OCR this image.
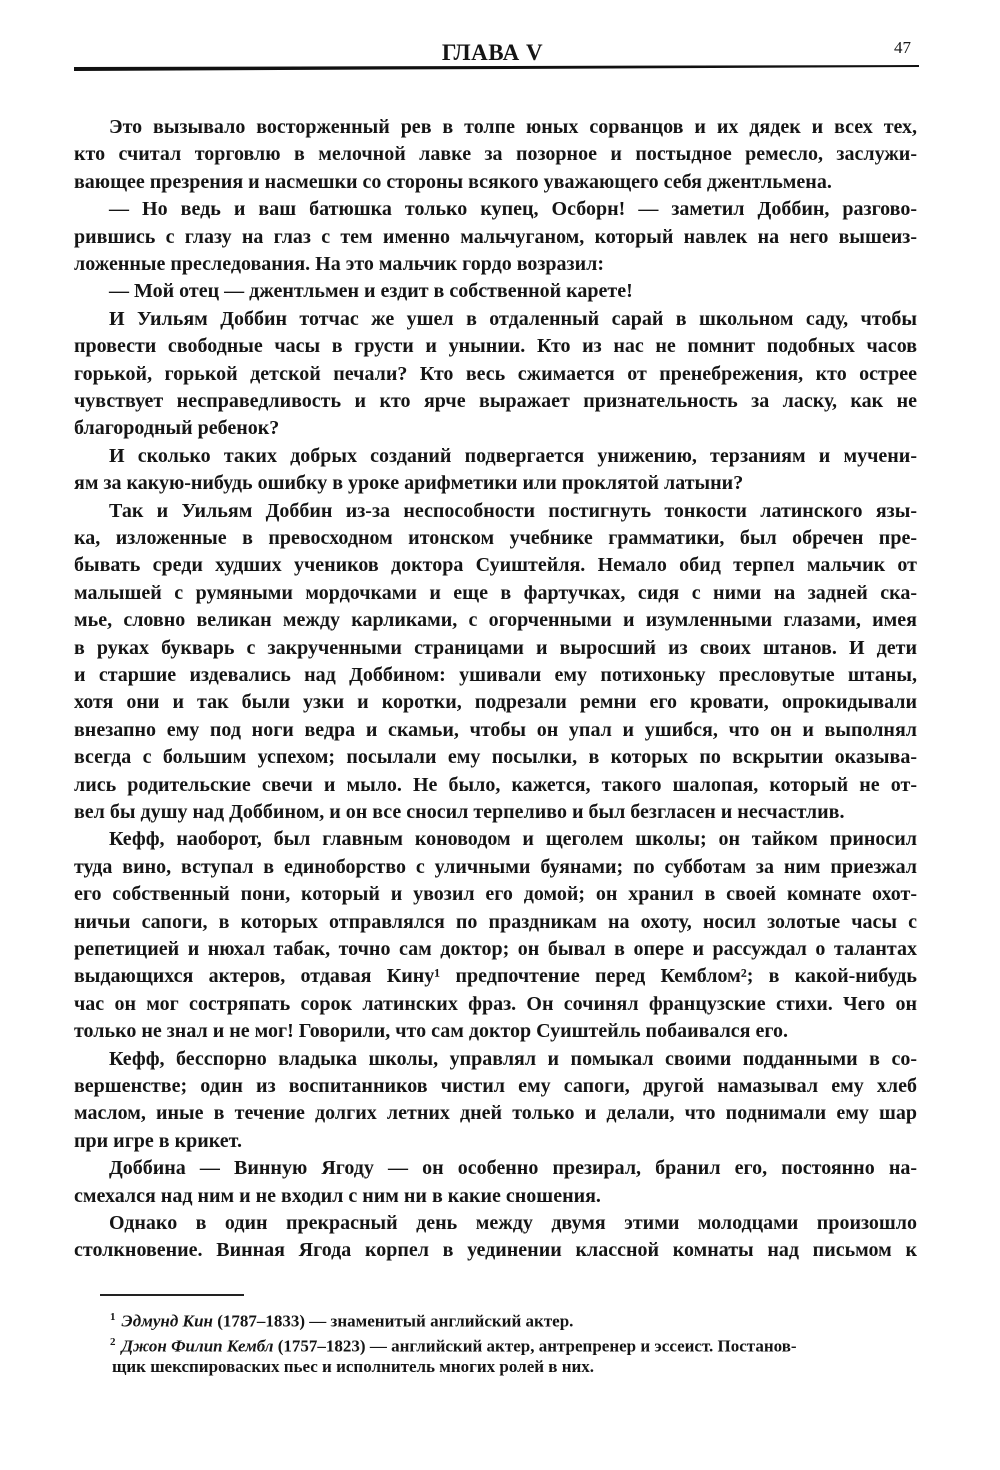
ГЛАВА V	47
Это вызывало восторженный рев в толпе юных сорванцов и их дядек и всех тех,
кто считал торговлю в мелочной лавке за позорное и постыдное ремесло, заслужи-
вающее презрения и насмешки со стороны всякого уважающего себя джентльмена.
— Но ведь и ваш батюшка только купец, Осборн! — заметил Доббин, разгово-
рившись с глазу на глаз с тем именно мальчуганом, который навлек на него вышеиз-
ложенные преследования. На это мальчик гордо возразил:
— Мой отец — джентльмен и ездит в собственной карете!
И Уильям Доббин тотчас же ушел в отдаленный сарай в школьном саду, чтобы
провести свободные часы в грусти и унынии. Кто из нас не помнит подобных часов
горькой, горькой детской печали? Кто весь сжимается от пренебрежения, кто острее
чувствует несправедливость и кто ярче выражает признательность за ласку, как не
благородный ребенок?
И сколько таких добрых созданий подвергается унижению, терзаниям и мучени-
ям за какую-нибудь ошибку в уроке арифметики или проклятой латыни?
Так и Уильям Доббин из-за неспособности постигнуть тонкости латинского язы-
ка, изложенные в превосходном итонском учебнике грамматики, был обречен пре-
бывать среди худших учеников доктора Суиштейля. Немало обид терпел мальчик от
малышей с румяными мордочками и еще в фартучках, сидя с ними на задней ска-
мье, словно великан между карликами, с огорченными и изумленными глазами, имея
в руках букварь с закрученными страницами и выросший из своих штанов. И дети
и старшие издевались над Доббином: ушивали ему потихоньку пресловутые штаны,
хотя они и так были узки и коротки, подрезали ремни его кровати, опрокидывали
внезапно ему под ноги ведра и скамьи, чтобы он упал и ушибся, что он и выполнял
всегда с большим успехом; посылали ему посылки, в которых по вскрытии оказыва-
лись родительские свечи и мыло. Не было, кажется, такого шалопая, который не от-
вел бы душу над Доббином, и он все сносил терпеливо и был безгласен и несчастлив.
Кефф, наоборот, был главным коноводом и щеголем школы; он тайком приносил
туда вино, вступал в единоборство с уличными буянами; по субботам за ним приезжал
его собственный пони, который и увозил его домой; он хранил в своей комнате охот-
ничьи сапоги, в которых отправлялся по праздникам на охоту, носил золотые часы с
репетицией и нюхал табак, точно сам доктор; он бывал в опере и рассуждал о талантах
выдающихся актеров, отдавая Кину¹ предпочтение перед Кемблом²; в какой-нибудь
час он мог состряпать сорок латинских фраз. Он сочинял французские стихи. Чего он
только не знал и не мог! Говорили, что сам доктор Суиштейль побаивался его.
Кефф, бесспорно владыка школы, управлял и помыкал своими подданными в со-
вершенстве; один из воспитанников чистил ему сапоги, другой намазывал ему хлеб
маслом, иные в течение долгих летних дней только и делали, что поднимали ему шар
при игре в крикет.
Доббина — Винную Ягоду — он особенно презирал, бранил его, постоянно на-
смехался над ним и не входил с ним ни в какие сношения.
Однако в один прекрасный день между двумя этими молодцами произошло
столкновение. Винная Ягода корпел в уединении классной комнаты над письмом к
$^1$ Эдмунд Кин (1787–1833) — знаменитый английский актер.
$^2$ Джон Филип Кембл (1757–1823) — английский актер, антрепренер и эссеист. Постанов-
щик шекспироваских пьес и исполнитель многих ролей в них.
